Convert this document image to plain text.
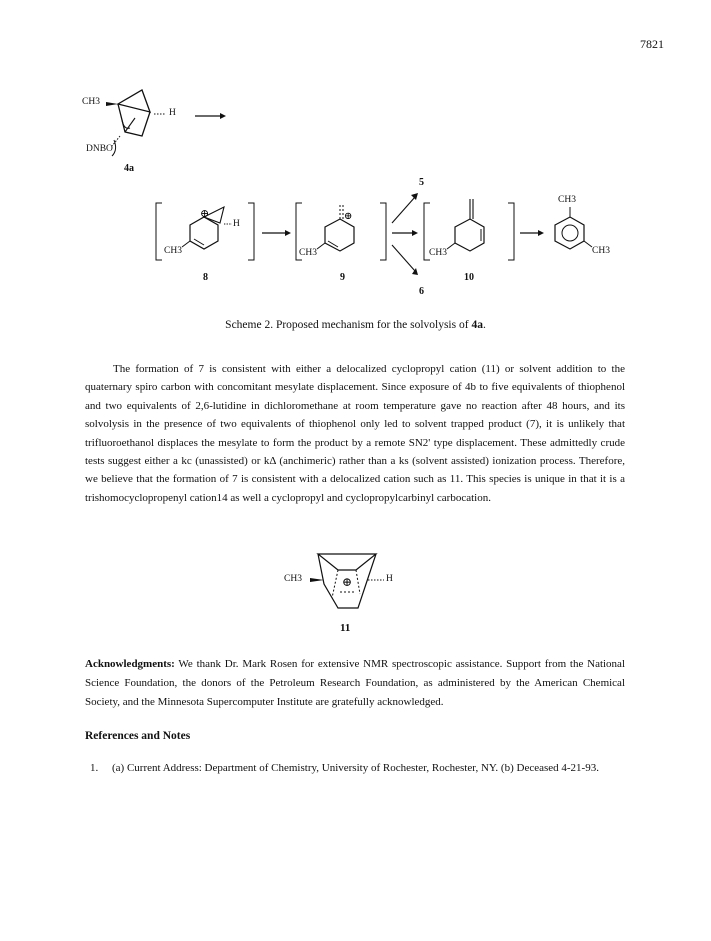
7821
CH3
H
DNBO
4a
⊕	⊕
CH3
H
CH3	CH3
CH3
CH3
8	9	10
5
6
Scheme 2. Proposed mechanism for the solvolysis of 4a.

The formation of 7 is consistent with either a delocalized cyclopropyl cation (11) or solvent addition to the quaternary spiro carbon with concomitant mesylate displacement. Since exposure of 4b to five equivalents of thiophenol and two equivalents of 2,6-lutidine in dichloromethane at room temperature gave no reaction after 48 hours, and its solvolysis in the presence of two equivalents of thiophenol only led to solvent trapped product (7), it is unlikely that trifluoroethanol displaces the mesylate to form the product by a remote SN2' type displacement. These admittedly crude tests suggest either a kc (unassisted) or kΔ (anchimeric) rather than a ks (solvent assisted) ionization process. Therefore, we believe that the formation of 7 is consistent with a delocalized cation such as 11. This species is unique in that it is a trishomocyclopropenyl cation14 as well a cyclopropyl and cyclopropylcarbinyl carbocation.

⊕
CH3	H
11
Acknowledgments: We thank Dr. Mark Rosen for extensive NMR spectroscopic assistance. Support from the National Science Foundation, the donors of the Petroleum Research Foundation, as administered by the American Chemical Society, and the Minnesota Supercomputer Institute are gratefully acknowledged.
References and Notes
1. (a) Current Address: Department of Chemistry, University of Rochester, Rochester, NY. (b) Deceased 4-21-93.
